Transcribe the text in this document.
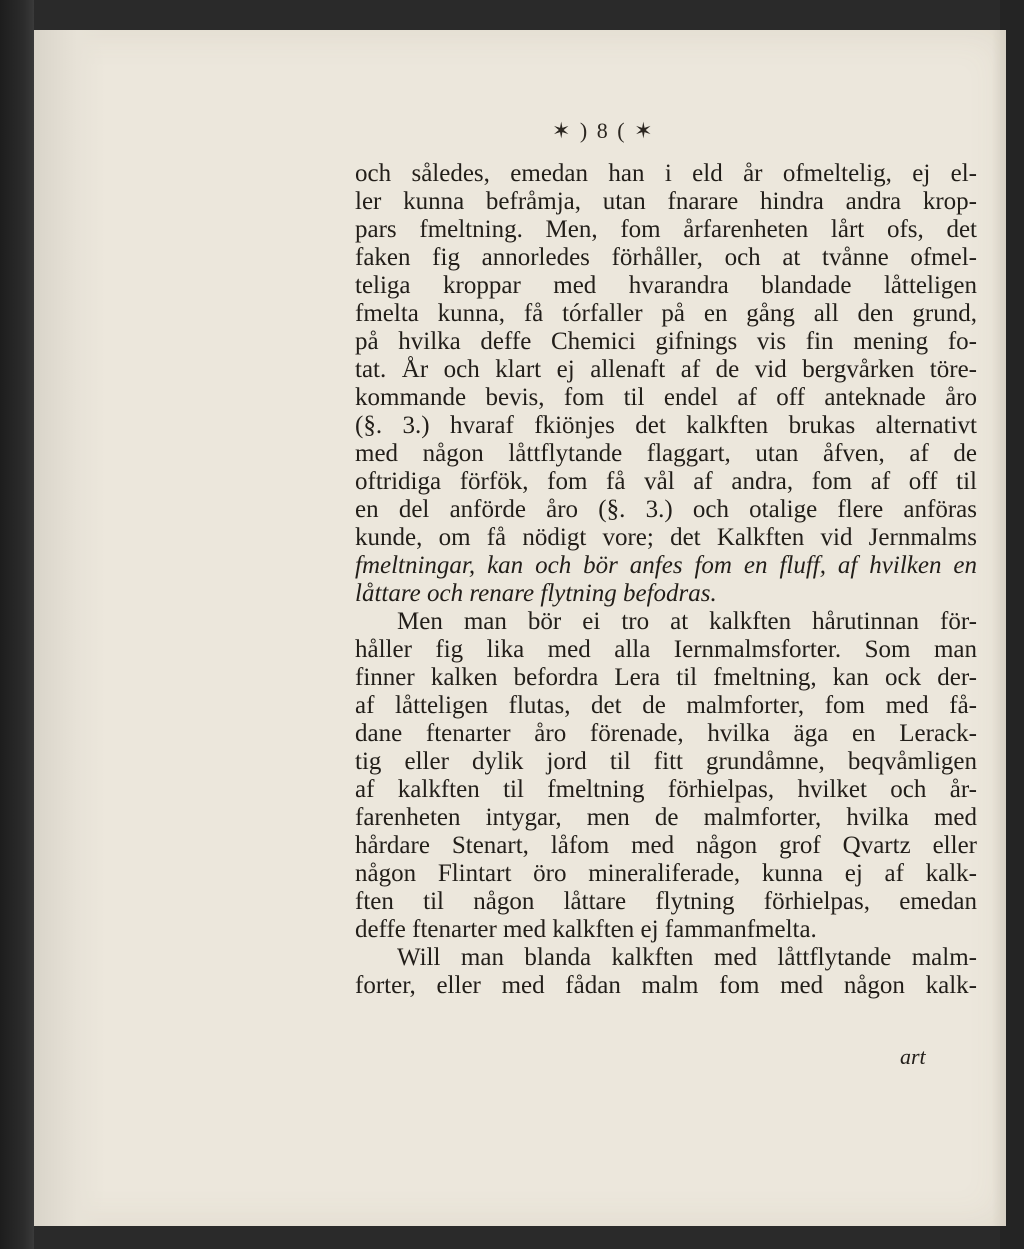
✶ ) 8 ( ✶
och således, emedan han i eld år ofmeltelig, ej el-
ler kunna befråmja, utan fnarare hindra andra krop-
pars fmeltning. Men, fom årfarenheten lårt ofs, det
faken fig annorledes förhåller, och at tvånne ofmel-
teliga kroppar med hvarandra blandade låtteligen
fmelta kunna, få tórfaller på en gång all den grund,
på hvilka deffe Chemici gifnings vis fin mening fo-
tat. År och klart ej allenaft af de vid bergvårken töre-
kommande bevis, fom til endel af off anteknade åro
(§. 3.) hvaraf fkiönjes det kalkften brukas alternativt
med någon låttflytande flaggart, utan åfven, af de
oftridiga förfök, fom få vål af andra, fom af off til
en del anförde åro (§. 3.) och otalige flere anföras
kunde, om få nödigt vore; det Kalkften vid Jernmalms
fmeltningar, kan och bör anfes fom en fluff, af hvilken en
låttare och renare flytning befodras.
Men man bör ei tro at kalkften hårutinnan för-
håller fig lika med alla Iernmalmsforter. Som man
finner kalken befordra Lera til fmeltning, kan ock der-
af låtteligen flutas, det de malmforter, fom med få-
dane ftenarter åro förenade, hvilka äga en Lerack-
tig eller dylik jord til fitt grundåmne, beqvåmligen
af kalkften til fmeltning förhielpas, hvilket och år-
farenheten intygar, men de malmforter, hvilka med
hårdare Stenart, låfom med någon grof Qvartz eller
någon Flintart öro mineraliferade, kunna ej af kalk-
ften til någon låttare flytning förhielpas, emedan
deffe ftenarter med kalkften ej fammanfmelta.
Will man blanda kalkften med låttflytande malm-
forter, eller med fådan malm fom med någon kalk-
art
